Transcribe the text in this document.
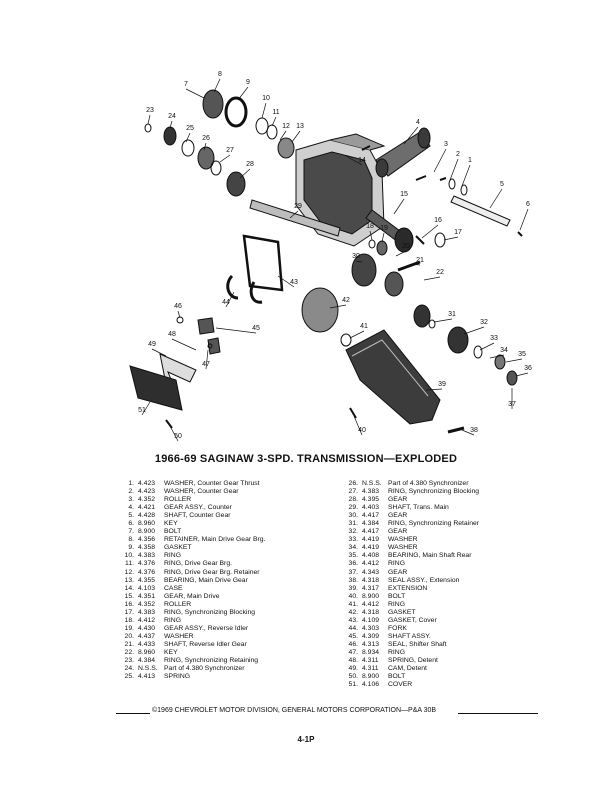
1
2
3
4
5
6
7
8
9
10
11
12 13
14
15
16
17
18 19
20
21
22
23
24
25
26
27
28
29
30
31
32
33
34
35
36
37
38
39
40
41
42
43
44
45
46
47
48
49
50
51
1966-69 SAGINAW 3-SPD. TRANSMISSION—EXPLODED
1. 4.423 WASHER, Counter Gear Thrust
2. 4.423 WASHER, Counter Gear
3. 4.352 ROLLER
4. 4.421 GEAR ASSY., Counter
5. 4.428 SHAFT, Counter Gear
6. 8.960 KEY
7. 8.900 BOLT
8. 4.356 RETAINER, Main Drive Gear Brg.
9. 4.358 GASKET
10. 4.383 RING
11. 4.376 RING, Drive Gear Brg.
12. 4.376 RING, Drive Gear Brg. Retainer
13. 4.355 BEARING, Main Drive Gear
14. 4.103 CASE
15. 4.351 GEAR, Main Drive
16. 4.352 ROLLER
17. 4.383 RING, Synchronizing Blocking
18. 4.412 RING
19. 4.430 GEAR ASSY., Reverse Idler
20. 4.437 WASHER
21. 4.433 SHAFT, Reverse Idler Gear
22. 8.960 KEY
23. 4.384 RING, Synchronizing Retaining
24. N.S.S. Part of 4.380 Synchronizer
25. 4.413 SPRING
26. N.S.S. Part of 4.380 Synchronizer
27. 4.383 RING, Synchronizing Blocking
28. 4.395 GEAR
29. 4.403 SHAFT, Trans. Main
30. 4.417 GEAR
31. 4.384 RING, Synchronizing Retainer
32. 4.417 GEAR
33. 4.419 WASHER
34. 4.419 WASHER
35. 4.408 BEARING, Main Shaft Rear
36. 4.412 RING
37. 4.343 GEAR
38. 4.318 SEAL ASSY., Extension
39. 4.317 EXTENSION
40. 8.900 BOLT
41. 4.412 RING
42. 4.318 GASKET
43. 4.109 GASKET, Cover
44. 4.303 FORK
45. 4.309 SHAFT ASSY.
46. 4.313 SEAL, Shifter Shaft
47. 8.934 RING
48. 4.311 SPRING, Detent
49. 4.311 CAM, Detent
50. 8.900 BOLT
51. 4.106 COVER
©1969 CHEVROLET MOTOR DIVISION, GENERAL MOTORS CORPORATION—P&A 30B
4-1P
